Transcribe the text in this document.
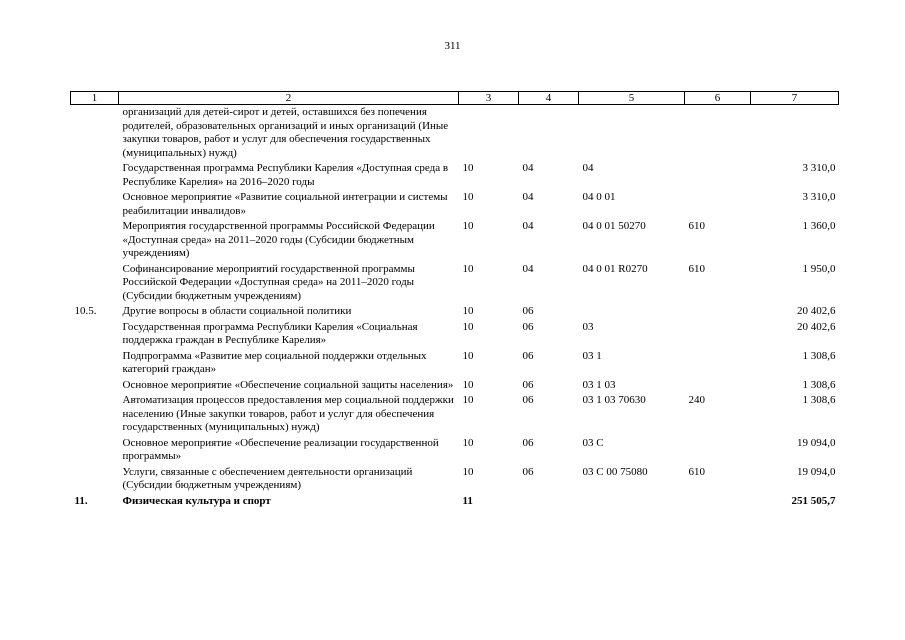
311
1	2	3	4	5	6	7
	организаций для детей-сирот и детей, оставшихся без попечения родителей, образовательных организаций и иных организаций (Иные закупки товаров, работ и услуг для обеспечения государственных (муниципальных) нужд)					
	Государственная программа Республики Карелия «Доступная среда в Республике Карелия» на 2016–2020 годы	10	04	04		3 310,0
	Основное мероприятие «Развитие социальной интеграции и системы реабилитации инвалидов»	10	04	04 0 01		3 310,0
	Мероприятия государственной программы Российской Федерации «Доступная среда» на 2011–2020 годы (Субсидии бюджетным учреждениям)	10	04	04 0 01 50270	610	1 360,0
	Софинансирование мероприятий государственной программы Российской Федерации «Доступная среда» на 2011–2020 годы (Субсидии бюджетным учреждениям)	10	04	04 0 01 R0270	610	1 950,0
10.5.	Другие вопросы в области социальной политики	10	06			20 402,6
	Государственная программа Республики Карелия «Социальная поддержка граждан в Республике Карелия»	10	06	03		20 402,6
	Подпрограмма «Развитие мер социальной поддержки отдельных категорий граждан»	10	06	03 1		1 308,6
	Основное мероприятие «Обеспечение социальной защиты населения»	10	06	03 1 03		1 308,6
	Автоматизация процессов предоставления мер социальной поддержки населению (Иные закупки товаров, работ и услуг для обеспечения государственных (муниципальных) нужд)	10	06	03 1 03 70630	240	1 308,6
	Основное мероприятие «Обеспечение реализации государственной программы»	10	06	03 С		19 094,0
	Услуги, связанные с обеспечением деятельности организаций (Субсидии бюджетным учреждениям)	10	06	03 С 00 75080	610	19 094,0
11.	Физическая культура и спорт	11				251 505,7
